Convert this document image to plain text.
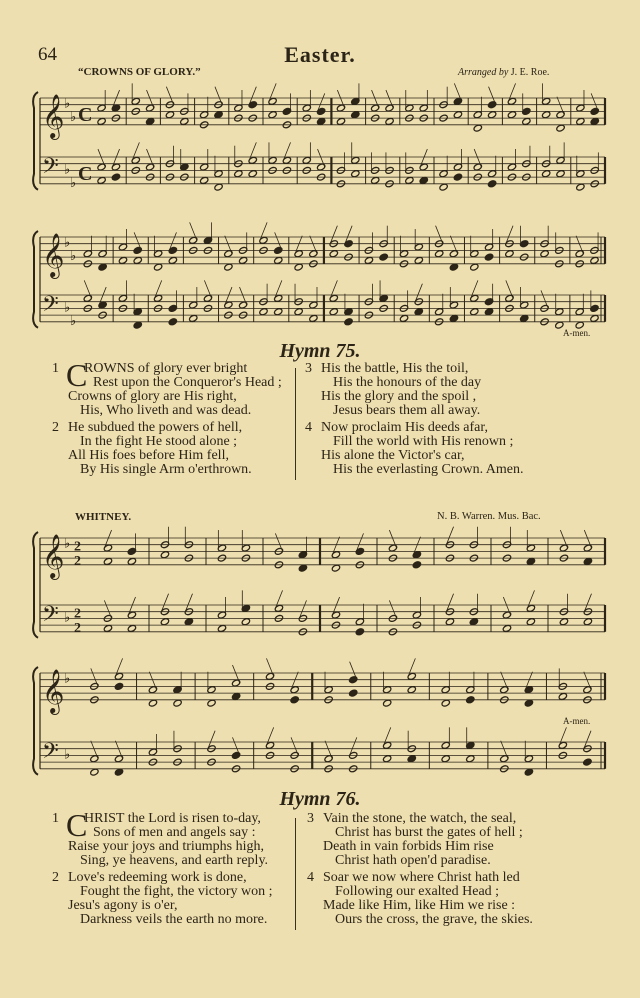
𝄞 ♭
♭ C
𝄢 ♭
♭ C
𝄞 ♭
♭
𝄢 ♭
♭
𝄞 ♭ 2
2
𝄢 ♭ 2
2
𝄞 ♭
𝄢 ♭
64	Easter.
“CROWNS OF GLORY.”	Arranged by J. E. Roe.
A-men.
Hymn 75.
1 C
ROWNS of glory ever bright
Rest upon the Conqueror's Head ;
Crowns of glory are His right,
His, Who liveth and was dead.
2 He subdued the powers of hell,
In the fight He stood alone ;
All His foes before Him fell,
By His single Arm o'erthrown.
3 His the battle, His the toil,
His the honours of the day
His the glory and the spoil ,
Jesus bears them all away.
4 Now proclaim His deeds afar,
Fill the world with His renown ;
His alone the Victor's car,
His the everlasting Crown. Amen.
WHITNEY.	N. B. Warren. Mus. Bac.
A-men.
Hymn 76.
1 C
HRIST the Lord is risen to-day,
Sons of men and angels say :
Raise your joys and triumphs high,
Sing, ye heavens, and earth reply.
2 Love's redeeming work is done,
Fought the fight, the victory won ;
Jesu's agony is o'er,
Darkness veils the earth no more.
3 Vain the stone, the watch, the seal,
Christ has burst the gates of hell ;
Death in vain forbids Him rise
Christ hath open'd paradise.
4 Soar we now where Christ hath led
Following our exalted Head ;
Made like Him, like Him we rise :
Ours the cross, the grave, the skies.
